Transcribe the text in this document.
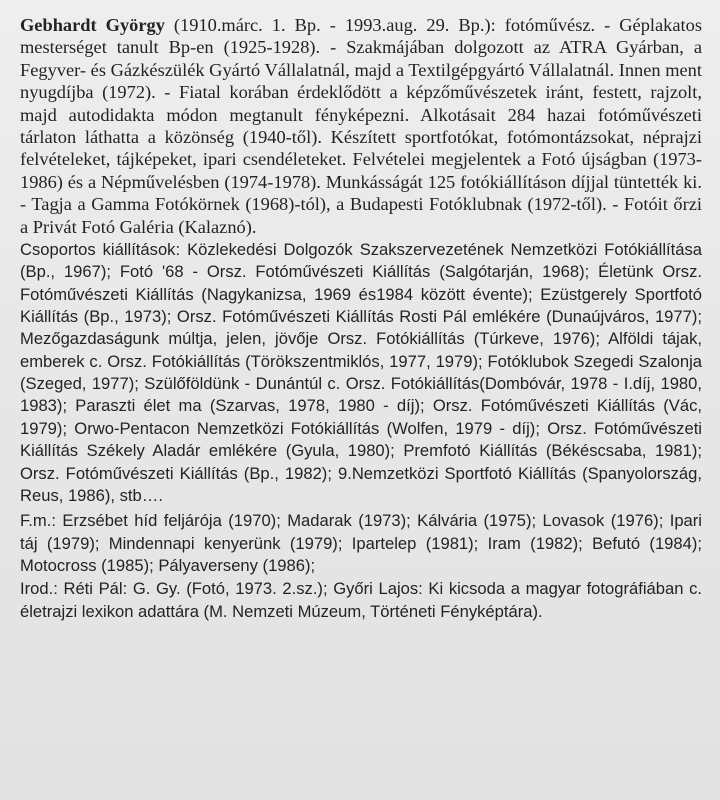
Gebhardt György (1910.márc. 1. Bp. - 1993.aug. 29. Bp.): fotóművész. - Géplakatos mesterséget tanult Bp-en (1925-1928). - Szakmájában dolgozott az ATRA Gyárban, a Fegyver- és Gázkészülék Gyártó Vállalatnál, majd a Textilgépgyártó Vállalatnál. Innen ment nyugdíjba (1972). - Fiatal korában érdeklődött a képzőművészetek iránt, festett, rajzolt, majd autodidakta módon megtanult fényképezni. Alkotásait 284 hazai fotóművészeti tárlaton láthatta a közönség (1940-től). Készített sportfotókat, fotómontázsokat, néprajzi felvételeket, tájképeket, ipari csendéleteket. Felvételei megjelentek a Fotó újságban (1973-1986) és a Népművelésben (1974-1978). Munkásságát 125 fotókiállításon díjjal tüntették ki. - Tagja a Gamma Fotókörnek (1968)-tól), a Budapesti Fotóklubnak (1972-től). - Fotóit őrzi a Privát Fotó Galéria (Kalaznó).

Csoportos kiállítások: Közlekedési Dolgozók Szakszervezetének Nemzetközi Fotókiállítása (Bp., 1967); Fotó '68 - Orsz. Fotóművészeti Kiállítás (Salgótarján, 1968); Életünk Orsz. Fotóművészeti Kiállítás (Nagykanizsa, 1969 és1984 között évente); Ezüstgerely Sportfotó Kiállítás (Bp., 1973); Orsz. Fotóművészeti Kiállítás Rosti Pál emlékére (Dunaújváros, 1977); Mezőgazdaságunk múltja, jelen, jövője Orsz. Fotókiállítás (Túrkeve, 1976); Alföldi tájak, emberek c. Orsz. Fotókiállítás (Törökszentmiklós, 1977, 1979); Fotóklubok Szegedi Szalonja (Szeged, 1977); Szülőföldünk - Dunántúl c. Orsz. Fotókiállítás(Dombóvár, 1978 - I.díj, 1980, 1983); Paraszti élet ma (Szarvas, 1978, 1980 - díj); Orsz. Fotóművészeti Kiállítás (Vác, 1979); Orwo-Pentacon Nemzetközi Fotókiállítás (Wolfen, 1979 - díj); Orsz. Fotóművészeti Kiállítás Székely Aladár emlékére (Gyula, 1980); Premfotó Kiállítás (Békéscsaba, 1981); Orsz. Fotóművészeti Kiállítás (Bp., 1982); 9.Nemzetközi Sportfotó Kiállítás (Spanyolország, Reus, 1986), stb….

F.m.: Erzsébet híd feljárója (1970); Madarak (1973); Kálvária (1975); Lovasok (1976); Ipari táj (1979); Mindennapi kenyerünk (1979); Ipartelep (1981); Iram (1982); Befutó (1984); Motocross (1985); Pályaverseny (1986);

Irod.: Réti Pál: G. Gy. (Fotó, 1973. 2.sz.); Győri Lajos: Ki kicsoda a magyar fotográfiában c. életrajzi lexikon adattára (M. Nemzeti Múzeum, Történeti Fényképtára).
